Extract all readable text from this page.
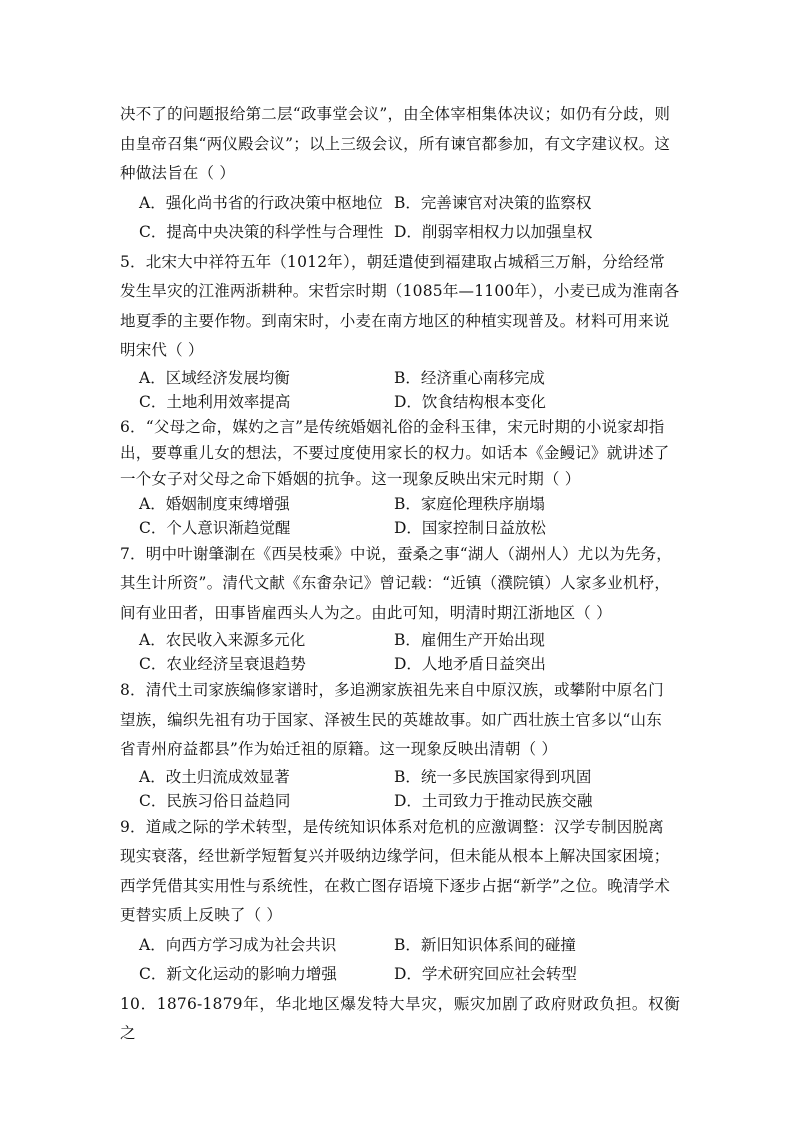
决不了的问题报给第二层“政事堂会议”，由全体宰相集体决议；如仍有分歧，则
由皇帝召集“两仪殿会议”；以上三级会议，所有谏官都参加，有文字建议权。这
种做法旨在（ ）

A．强化尚书省的行政决策中枢地位 B．完善谏官对决策的监察权
C．提高中央决策的科学性与合理性 D．削弱宰相权力以加强皇权

5．北宋大中祥符五年（1012年），朝廷遣使到福建取占城稻三万斛，分给经常
发生旱灾的江淮两浙耕种。宋哲宗时期（1085年—1100年），小麦已成为淮南各
地夏季的主要作物。到南宋时，小麦在南方地区的种植实现普及。材料可用来说
明宋代（ ）

A．区域经济发展均衡	B．经济重心南移完成
C．土地利用效率提高	D．饮食结构根本变化

6．“父母之命，媒妁之言”是传统婚姻礼俗的金科玉律，宋元时期的小说家却指
出，要尊重儿女的想法，不要过度使用家长的权力。如话本《金鳗记》就讲述了
一个女子对父母之命下婚姻的抗争。这一现象反映出宋元时期（ ）

A．婚姻制度束缚增强	B．家庭伦理秩序崩塌
C．个人意识渐趋觉醒	D．国家控制日益放松

7．明中叶谢肇淛在《西吴枝乘》中说，蚕桑之事“湖人（湖州人）尤以为先务，
其生计所资”。清代文献《东畬杂记》曾记载：“近镇（濮院镇）人家多业机杼，
间有业田者，田事皆雇西头人为之。由此可知，明清时期江浙地区（ ）

A．农民收入来源多元化	B．雇佣生产开始出现
C．农业经济呈衰退趋势	D．人地矛盾日益突出

8．清代土司家族编修家谱时，多追溯家族祖先来自中原汉族，或攀附中原名门
望族，编织先祖有功于国家、泽被生民的英雄故事。如广西壮族土官多以“山东
省青州府益都县”作为始迁祖的原籍。这一现象反映出清朝（ ）

A．改土归流成效显著	B．统一多民族国家得到巩固
C．民族习俗日益趋同	D．土司致力于推动民族交融

9．道咸之际的学术转型，是传统知识体系对危机的应激调整：汉学专制因脱离
现实衰落，经世新学短暂复兴并吸纳边缘学问，但未能从根本上解决国家困境；
西学凭借其实用性与系统性，在救亡图存语境下逐步占据“新学”之位。晚清学术
更替实质上反映了（ ）

A．向西方学习成为社会共识	B．新旧知识体系间的碰撞
C．新文化运动的影响力增强	D．学术研究回应社会转型

10．1876-1879年，华北地区爆发特大旱灾，赈灾加剧了政府财政负担。权衡之
